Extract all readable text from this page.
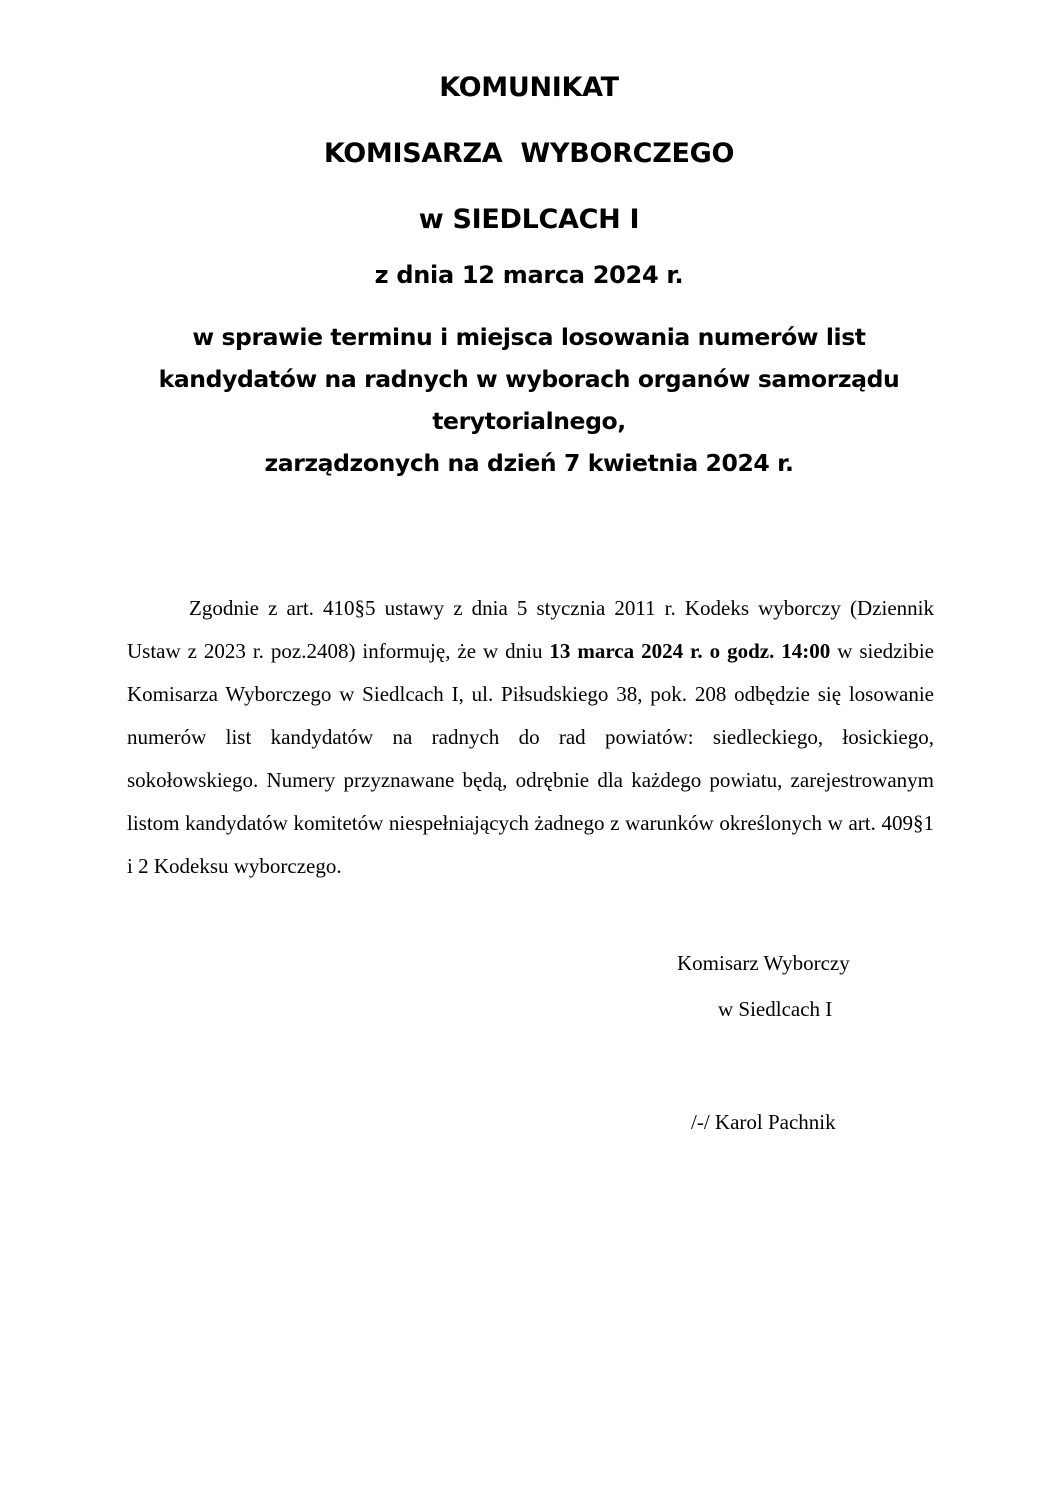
KOMUNIKAT
KOMISARZA  WYBORCZEGO
w SIEDLCACH I
z dnia 12 marca 2024 r.
w sprawie terminu i miejsca losowania numerów list
kandydatów na radnych w wyborach organów samorządu
terytorialnego,
zarządzonych na dzień 7 kwietnia 2024 r.

Zgodnie z art. 410§5 ustawy z dnia 5 stycznia 2011 r. Kodeks wyborczy (Dziennik Ustaw z 2023 r. poz.2408) informuję, że w dniu 13 marca 2024 r. o godz. 14:00 w siedzibie Komisarza Wyborczego w Siedlcach I, ul. Piłsudskiego 38, pok. 208 odbędzie się losowanie numerów list kandydatów na radnych do rad powiatów: siedleckiego, łosickiego, sokołowskiego. Numery przyznawane będą, odrębnie dla każdego powiatu, zarejestrowanym listom kandydatów komitetów niespełniających żadnego z warunków określonych w art. 409§1 i 2 Kodeksu wyborczego.

Komisarz Wyborczy
w Siedlcach I
/-/ Karol Pachnik
